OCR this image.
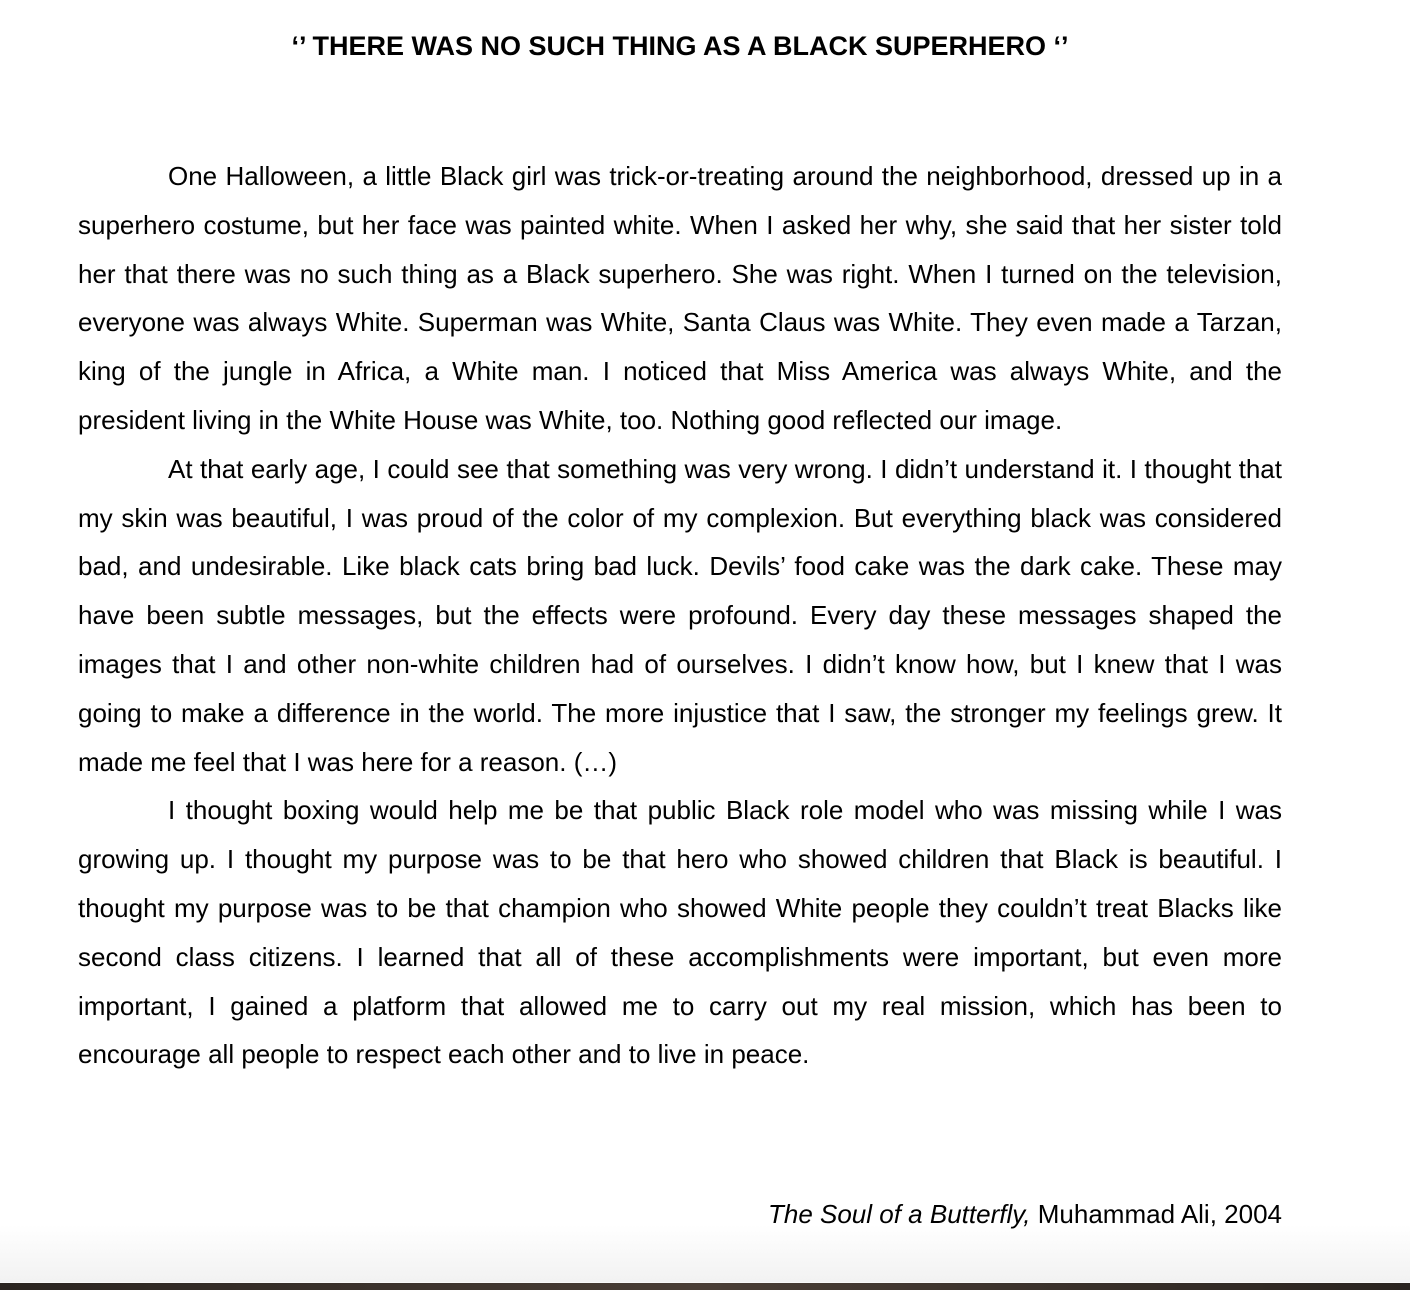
‘’ THERE WAS NO SUCH THING AS A BLACK SUPERHERO ‘’

One Halloween, a little Black girl was trick-or-treating around the neighborhood, dressed up in a superhero costume, but her face was painted white. When I asked her why, she said that her sister told her that there was no such thing as a Black superhero. She was right. When I turned on the television, everyone was always White. Superman was White, Santa Claus was White. They even made a Tarzan, king of the jungle in Africa, a White man. I noticed that Miss America was always White, and the president living in the White House was White, too. Nothing good reflected our image.

At that early age, I could see that something was very wrong. I didn’t understand it. I thought that my skin was beautiful, I was proud of the color of my complexion. But everything black was considered bad, and undesirable. Like black cats bring bad luck. Devils’ food cake was the dark cake. These may have been subtle messages, but the effects were profound. Every day these messages shaped the images that I and other non-white children had of ourselves. I didn’t know how, but I knew that I was going to make a difference in the world. The more injustice that I saw, the stronger my feelings grew. It made me feel that I was here for a reason. (…)

I thought boxing would help me be that public Black role model who was missing while I was growing up. I thought my purpose was to be that hero who showed children that Black is beautiful. I thought my purpose was to be that champion who showed White people they couldn’t treat Blacks like second class citizens. I learned that all of these accomplishments were important, but even more important, I gained a platform that allowed me to carry out my real mission, which has been to encourage all people to respect each other and to live in peace.

The Soul of a Butterfly, Muhammad Ali, 2004
